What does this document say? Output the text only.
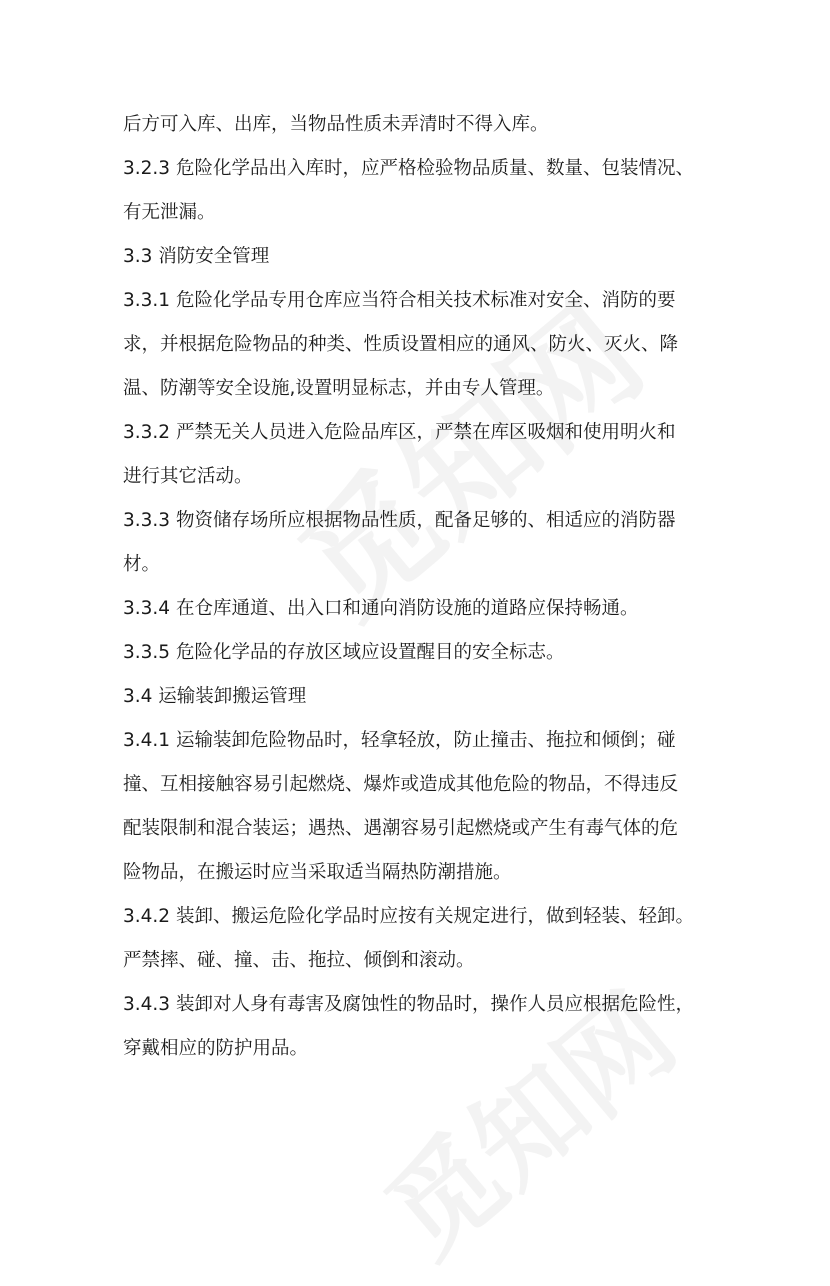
后方可入库、出库，当物品性质未弄清时不得入库。

3.2.3 危险化学品出入库时，应严格检验物品质量、数量、包装情况、

有无泄漏。

3.3 消防安全管理

3.3.1 危险化学品专用仓库应当符合相关技术标准对安全、消防的要

求，并根据危险物品的种类、性质设置相应的通风、防火、灭火、降

温、防潮等安全设施,设置明显标志，并由专人管理。

3.3.2 严禁无关人员进入危险品库区，严禁在库区吸烟和使用明火和

进行其它活动。

3.3.3 物资储存场所应根据物品性质，配备足够的、相适应的消防器

材。

3.3.4 在仓库通道、出入口和通向消防设施的道路应保持畅通。

3.3.5 危险化学品的存放区域应设置醒目的安全标志。

3.4 运输装卸搬运管理

3.4.1 运输装卸危险物品时，轻拿轻放，防止撞击、拖拉和倾倒；碰

撞、互相接触容易引起燃烧、爆炸或造成其他危险的物品，不得违反

配装限制和混合装运；遇热、遇潮容易引起燃烧或产生有毒气体的危

险物品，在搬运时应当采取适当隔热防潮措施。

3.4.2 装卸、搬运危险化学品时应按有关规定进行，做到轻装、轻卸。

严禁摔、碰、撞、击、拖拉、倾倒和滚动。

3.4.3 装卸对人身有毒害及腐蚀性的物品时，操作人员应根据危险性，

穿戴相应的防护用品。
